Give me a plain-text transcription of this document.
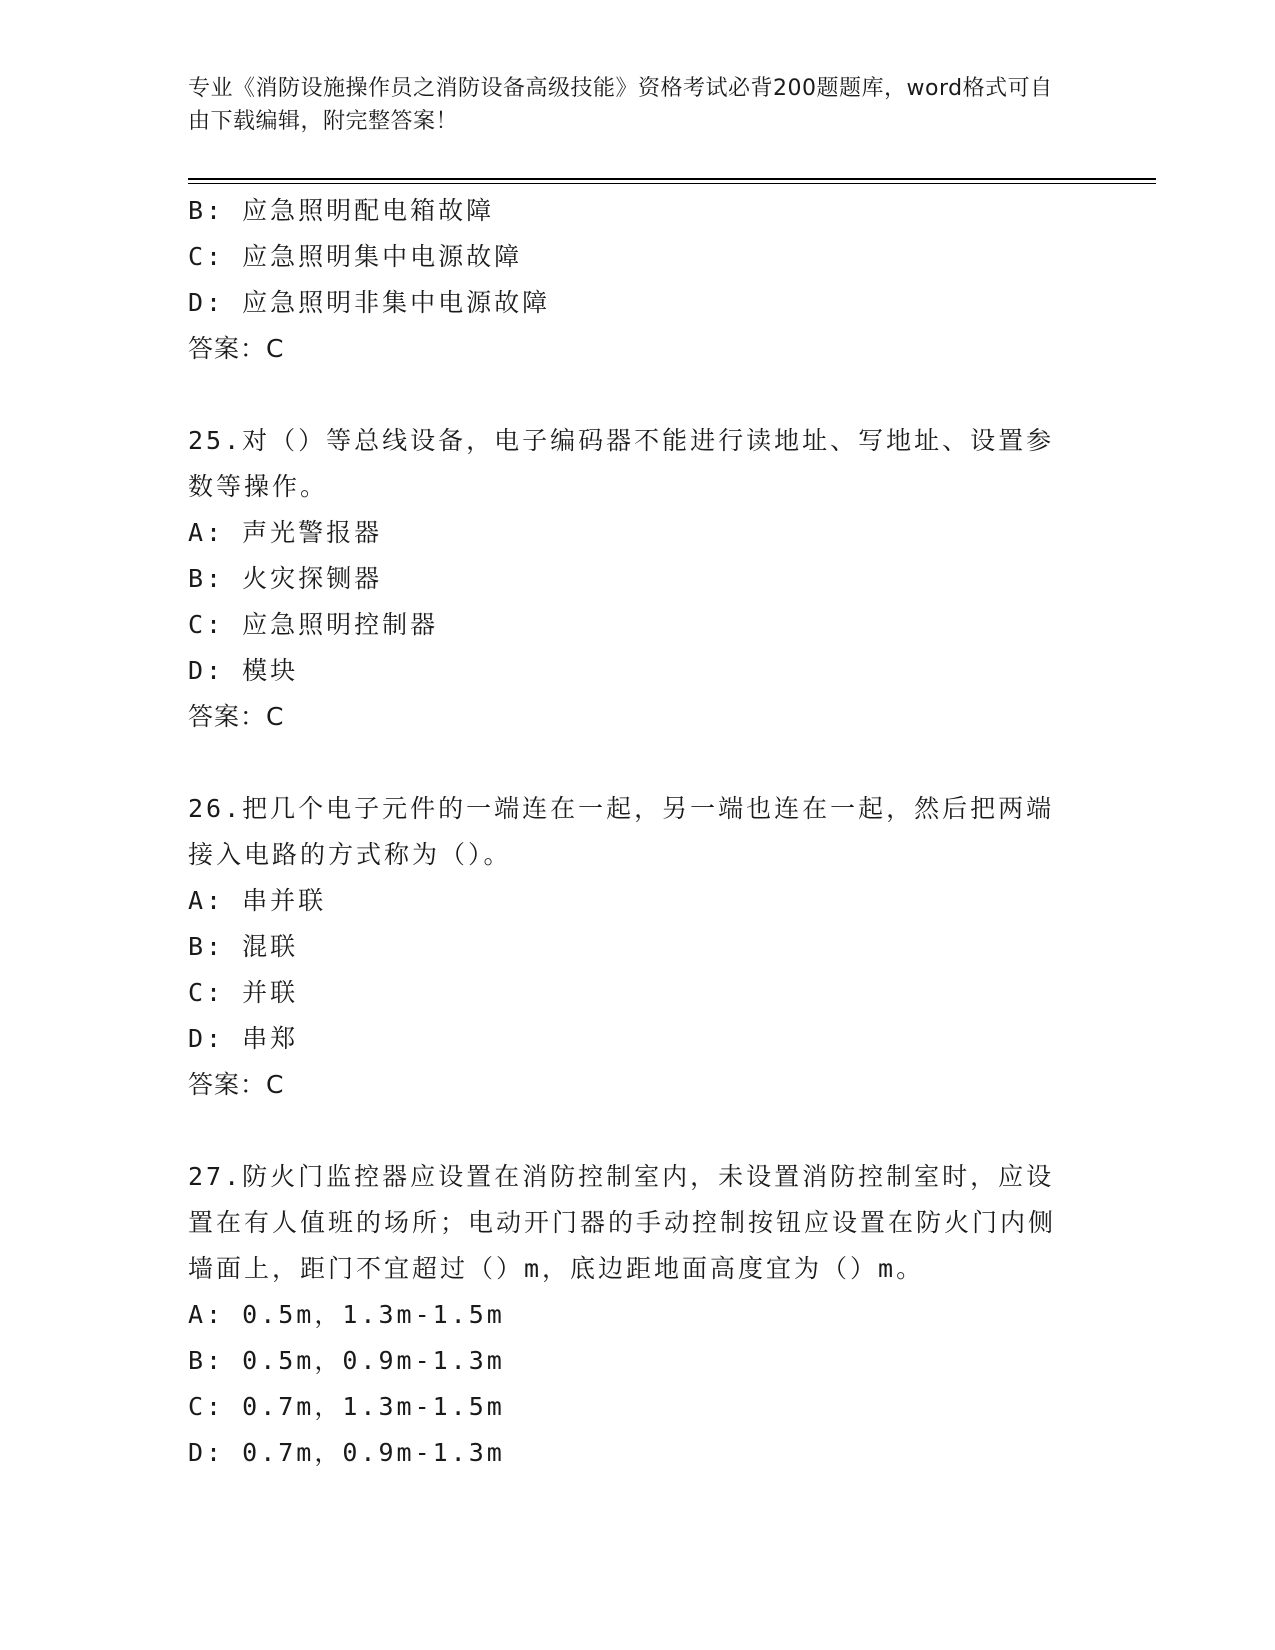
专业《消防设施操作员之消防设备高级技能》资格考试必背200题题库，word格式可自由下载编辑，附完整答案！
B: 应急照明配电箱故障
C: 应急照明集中电源故障
D: 应急照明非集中电源故障
答案：C
25.对（）等总线设备，电子编码器不能进行读地址、写地址、设置参数等操作。
A: 声光警报器
B: 火灾探铡器
C: 应急照明控制器
D: 模块
答案：C
26.把几个电子元件的一端连在一起，另一端也连在一起，然后把两端接入电路的方式称为（）。
A: 串并联
B: 混联
C: 并联
D: 串郑
答案：C
27.防火门监控器应设置在消防控制室内，未设置消防控制室时，应设置在有人值班的场所；电动开门器的手动控制按钮应设置在防火门内侧墙面上，距门不宜超过（）m，底边距地面高度宜为（）m。
A: 0.5m，1.3m-1.5m
B: 0.5m，0.9m-1.3m
C: 0.7m，1.3m-1.5m
D: 0.7m，0.9m-1.3m
